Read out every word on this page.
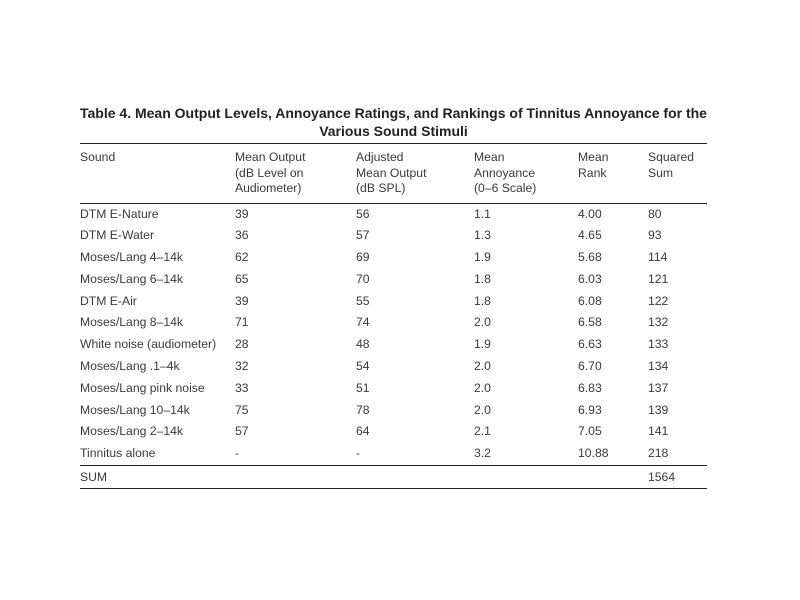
Table 4. Mean Output Levels, Annoyance Ratings, and Rankings of Tinnitus Annoyance for the
Various Sound Stimuli
Sound	Mean Output
(dB Level on
Audiometer)	Adjusted
Mean Output
(dB SPL)	Mean
Annoyance
(0–6 Scale)	Mean
Rank	Squared
Sum
DTM E-Nature	39	56	1.1	4.00	80
DTM E-Water	36	57	1.3	4.65	93
Moses/Lang 4–14k	62	69	1.9	5.68	114
Moses/Lang 6–14k	65	70	1.8	6.03	121
DTM E-Air	39	55	1.8	6.08	122
Moses/Lang 8–14k	71	74	2.0	6.58	132
White noise (audiometer)	28	48	1.9	6.63	133
Moses/Lang .1–4k	32	54	2.0	6.70	134
Moses/Lang pink noise	33	51	2.0	6.83	137
Moses/Lang 10–14k	75	78	2.0	6.93	139
Moses/Lang 2–14k	57	64	2.1	7.05	141
Tinnitus alone	-	-	3.2	10.88	218
SUM					1564
